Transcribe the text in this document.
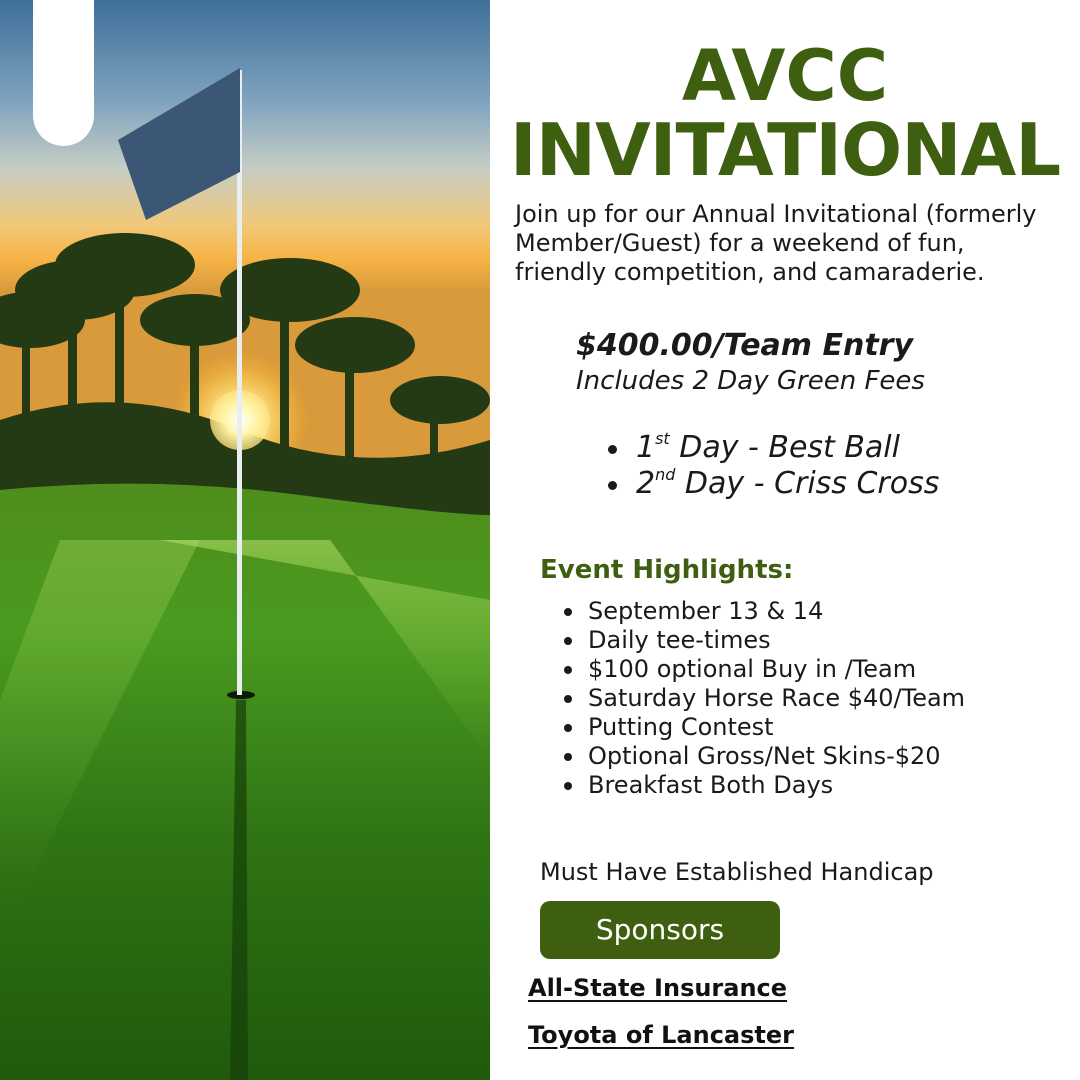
AVCC
INVITATIONAL

Join up for our Annual Invitational (formerly Member/Guest) for a weekend of fun, friendly competition, and camaraderie.

$400.00/Team Entry

Includes 2 Day Green Fees

1st Day - Best Ball
2nd Day - Criss Cross
Event Highlights:
September 13 & 14
Daily tee-times
$100 optional Buy in /Team
Saturday Horse Race $40/Team
Putting Contest
Optional Gross/Net Skins-$20
Breakfast Both Days

Must Have Established Handicap

Sponsors
All-State Insurance
Toyota of Lancaster
